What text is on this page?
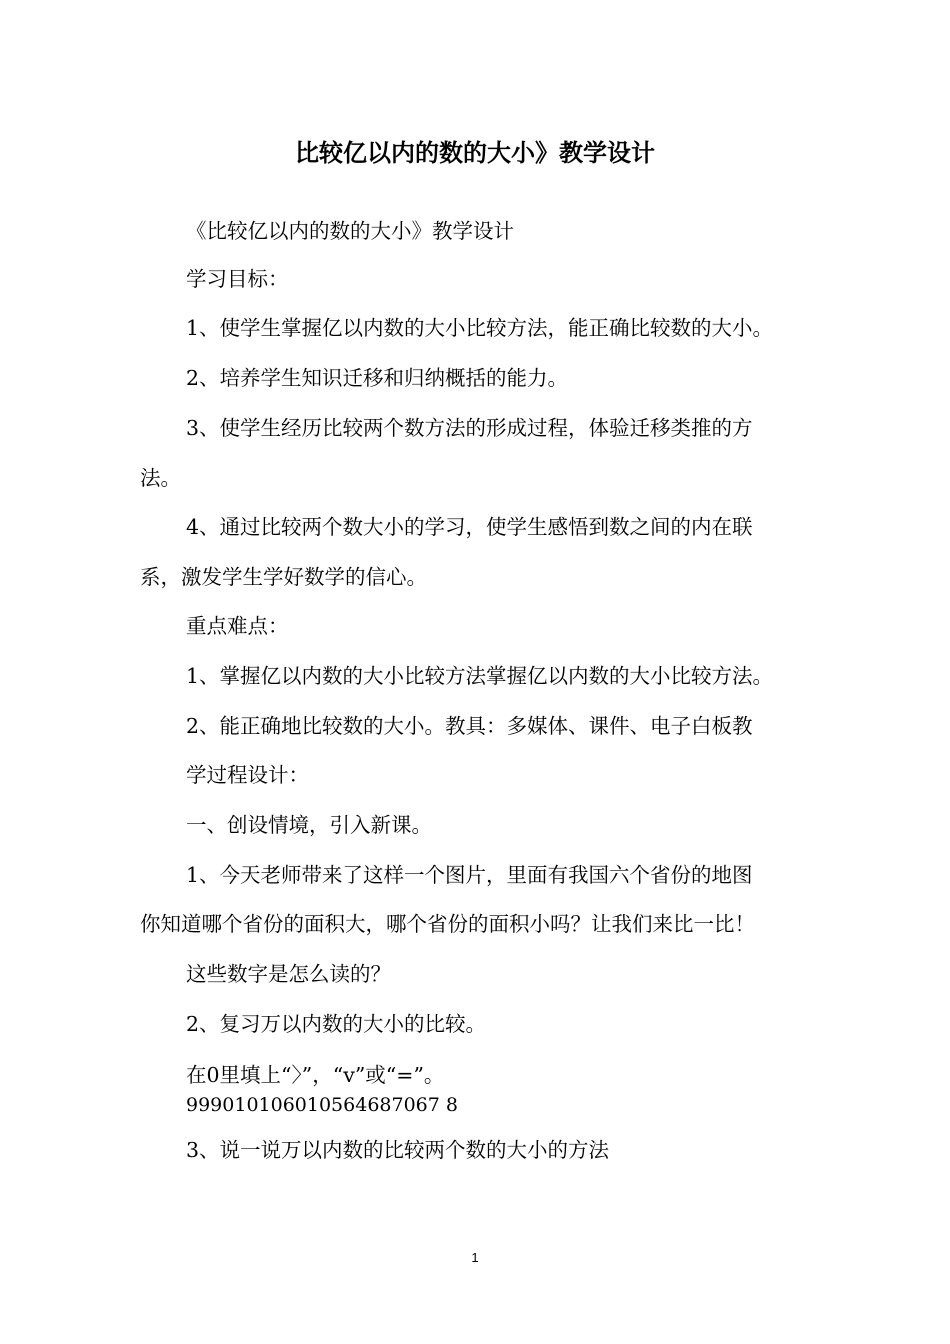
比较亿以内的数的大小》教学设计
《比较亿以内的数的大小》教学设计
学习目标：
1、使学生掌握亿以内数的大小比较方法，能正确比较数的大小。
2、培养学生知识迁移和归纳概括的能力。
3、使学生经历比较两个数方法的形成过程，体验迁移类推的方
法。
4、通过比较两个数大小的学习，使学生感悟到数之间的内在联
系，激发学生学好数学的信心。
重点难点：
1、掌握亿以内数的大小比较方法掌握亿以内数的大小比较方法。
2、能正确地比较数的大小。教具：多媒体、课件、电子白板教
学过程设计：
一、创设情境，引入新课。
1、今天老师带来了这样一个图片，里面有我国六个省份的地图
你知道哪个省份的面积大，哪个省份的面积小吗？让我们来比一比！
这些数字是怎么读的？
2、复习万以内数的大小的比较。
在0里填上“〉”，“v”或“=”。
999010106010564687067 8
3、说一说万以内数的比较两个数的大小的方法
1
